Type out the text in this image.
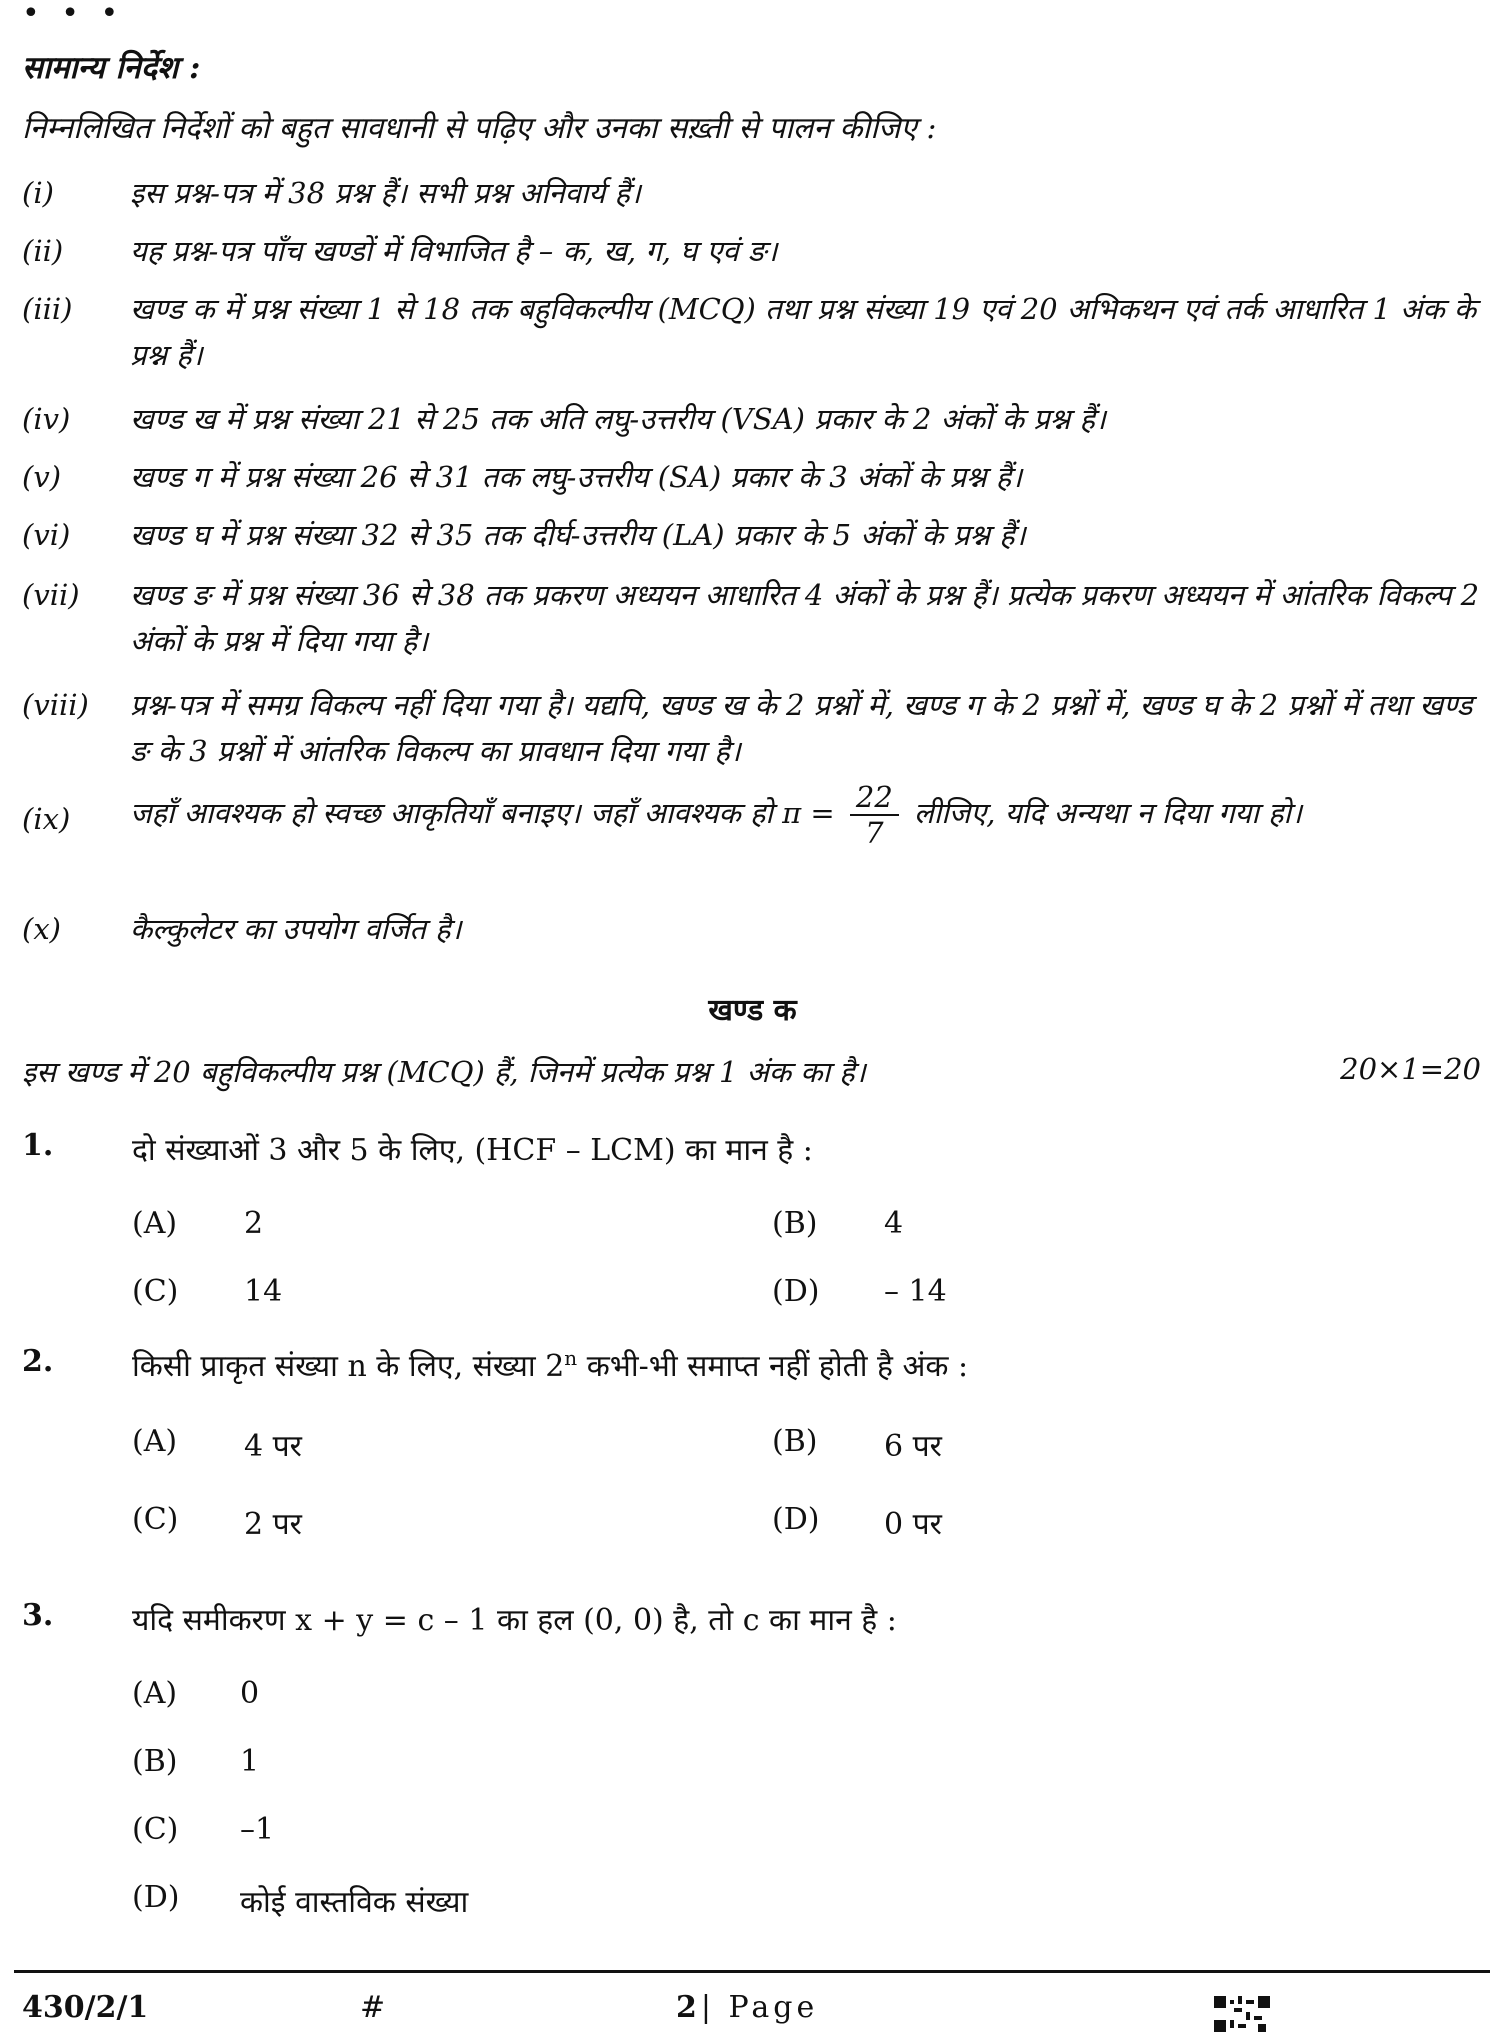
• • •
सामान्य निर्देश :
निम्नलिखित निर्देशों को बहुत सावधानी से पढ़िए और उनका सख़्ती से पालन कीजिए :
(i)	इस प्रश्न-पत्र में 38 प्रश्न हैं। सभी प्रश्न अनिवार्य हैं।
(ii) यह प्रश्न-पत्र पाँच खण्डों में विभाजित है – क, ख, ग, घ एवं ङ।
(iii) खण्ड क में प्रश्न संख्या 1 से 18 तक बहुविकल्पीय (MCQ) तथा प्रश्न संख्या 19 एवं 20 अभिकथन एवं तर्क आधारित 1 अंक के प्रश्न हैं।
(iv) खण्ड ख में प्रश्न संख्या 21 से 25 तक अति लघु-उत्तरीय (VSA) प्रकार के 2 अंकों के प्रश्न हैं।
(v) खण्ड ग में प्रश्न संख्या 26 से 31 तक लघु-उत्तरीय (SA) प्रकार के 3 अंकों के प्रश्न हैं।
(vi) खण्ड घ में प्रश्न संख्या 32 से 35 तक दीर्घ-उत्तरीय (LA) प्रकार के 5 अंकों के प्रश्न हैं।
(vii) खण्ड ङ में प्रश्न संख्या 36 से 38 तक प्रकरण अध्ययन आधारित 4 अंकों के प्रश्न हैं। प्रत्येक प्रकरण अध्ययन में आंतरिक विकल्प 2 अंकों के प्रश्न में दिया गया है।
(viii) प्रश्न-पत्र में समग्र विकल्प नहीं दिया गया है। यद्यपि, खण्ड ख के 2 प्रश्नों में, खण्ड ग के 2 प्रश्नों में, खण्ड घ के 2 प्रश्नों में तथा खण्ड ङ के 3 प्रश्नों में आंतरिक विकल्प का प्रावधान दिया गया है।
(ix) जहाँ आवश्यक हो स्वच्छ आकृतियाँ बनाइए। जहाँ आवश्यक हो $\pi = \frac{22}{7}$ लीजिए, यदि अन्यथा न दिया गया हो।
(x) कैल्कुलेटर का उपयोग वर्जित है।
खण्ड क
इस खण्ड में 20 बहुविकल्पीय प्रश्न (MCQ) हैं, जिनमें प्रत्येक प्रश्न 1 अंक का है।	20×1=20
1.	दो संख्याओं 3 और 5 के लिए, (HCF – LCM) का मान है :
(A) 2	(B) 4
(C) 14	(D) – 14
2.	किसी प्राकृत संख्या n के लिए, संख्या 2$^n$ कभी-भी समाप्त नहीं होती है अंक :
(A) 4 पर	(B) 6 पर
(C) 2 पर	(D) 0 पर
3.	यदि समीकरण x + y = c – 1 का हल (0, 0) है, तो c का मान है :
(A) 0
(B) 1
(C) –1
(D) कोई वास्तविक संख्या
430/2/1	#	2| Page
